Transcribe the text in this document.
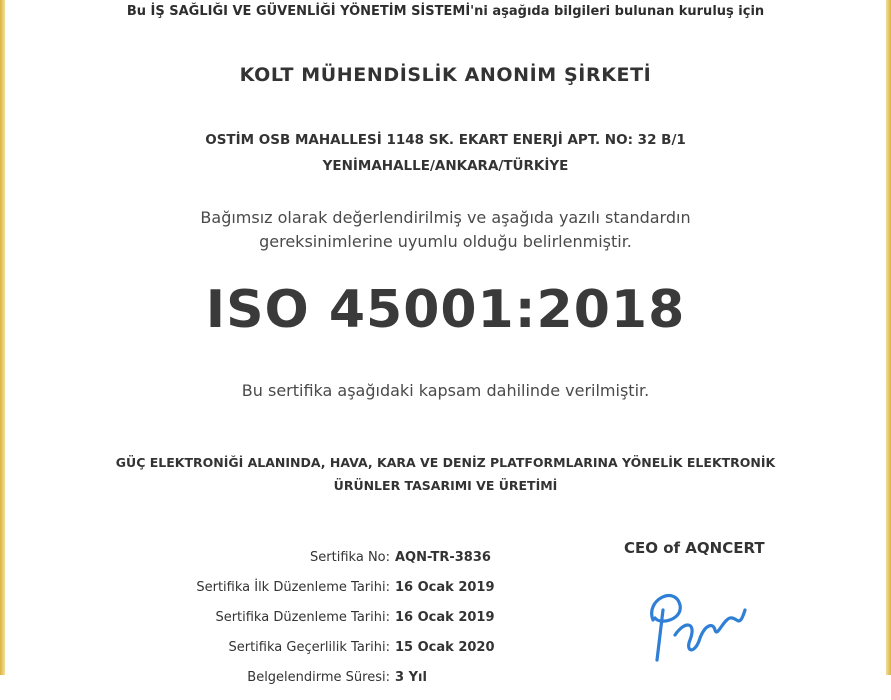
Bu İŞ SAĞLIĞI VE GÜVENLİĞİ YÖNETİM SİSTEMİ'ni aşağıda bilgileri bulunan kuruluş için
KOLT MÜHENDİSLİK ANONİM ŞİRKETİ
OSTİM OSB MAHALLESİ 1148 SK. EKART ENERJİ APT. NO: 32 B/1
YENİMAHALLE/ANKARA/TÜRKİYE
Bağımsız olarak değerlendirilmiş ve aşağıda yazılı standardın
gereksinimlerine uyumlu olduğu belirlenmiştir.
ISO 45001:2018
Bu sertifika aşağıdaki kapsam dahilinde verilmiştir.
GÜÇ ELEKTRONİĞİ ALANINDA, HAVA, KARA VE DENİZ PLATFORMLARINA YÖNELİK ELEKTRONİK
ÜRÜNLER TASARIMI VE ÜRETİMİ
Sertifika No: AQN-TR-3836
Sertifika İlk Düzenleme Tarihi: 16 Ocak 2019
Sertifika Düzenleme Tarihi: 16 Ocak 2019
Sertifika Geçerlilik Tarihi: 15 Ocak 2020
Belgelendirme Süresi: 3 Yıl
CEO of AQNCERT
